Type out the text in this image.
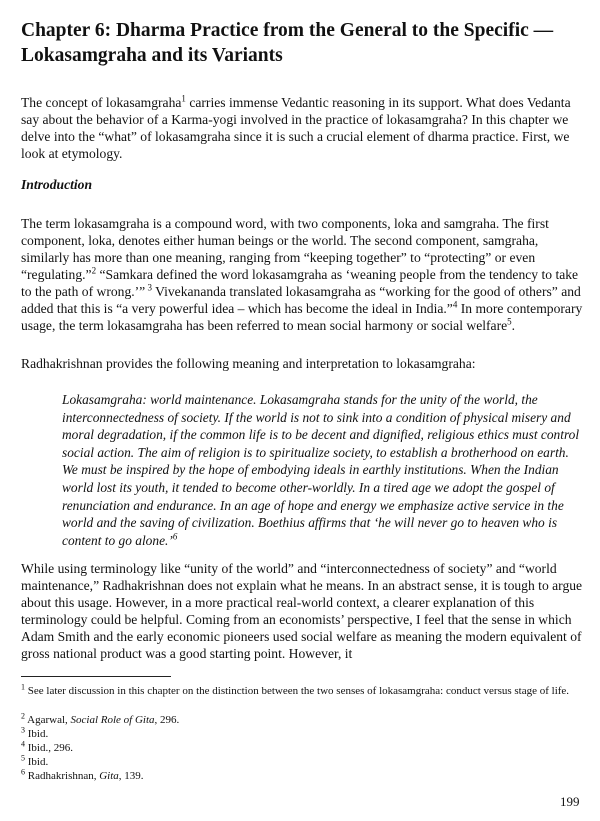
Chapter 6: Dharma Practice from the General to the Specific —
Lokasamgraha and its Variants

The concept of lokasamgraha$^1$ carries immense Vedantic reasoning in its support. What does Vedanta say about the behavior of a Karma-yogi involved in the practice of lokasamgraha? In this chapter we delve into the “what” of lokasamgraha since it is such a crucial element of dharma practice. First, we look at etymology.

Introduction

The term lokasamgraha is a compound word, with two components, loka and samgraha. The first component, loka, denotes either human beings or the world. The second component, samgraha, similarly has more than one meaning, ranging from “keeping together” to “protecting” or even “regulating.”$^2$ “Samkara defined the word lokasamgraha as ‘weaning people from the tendency to take to the path of wrong.’” $^3$ Vivekananda translated lokasamgraha as “working for the good of others” and added that this is “a very powerful idea – which has become the ideal in India.”$^4$ In more contemporary usage, the term lokasamgraha has been referred to mean social harmony or social welfare$^5$.

Radhakrishnan provides the following meaning and interpretation to lokasamgraha:

Lokasamgraha: world maintenance. Lokasamgraha stands for the unity of the world, the interconnectedness of society. If the world is not to sink into a condition of physical misery and moral degradation, if the common life is to be decent and dignified, religious ethics must control social action. The aim of religion is to spiritualize society, to establish a brotherhood on earth. We must be inspired by the hope of embodying ideals in earthly institutions. When the Indian world lost its youth, it tended to become other-worldly. In a tired age we adopt the gospel of renunciation and endurance. In an age of hope and energy we emphasize active service in the world and the saving of civilization. Boethius affirms that ‘he will never go to heaven who is content to go alone.’$^6$

While using terminology like “unity of the world” and “interconnectedness of society” and “world maintenance,” Radhakrishnan does not explain what he means. In an abstract sense, it is tough to argue about this usage. However, in a more practical real-world context, a clearer explanation of this terminology could be helpful. Coming from an economists’ perspective, I feel that the sense in which Adam Smith and the early economic pioneers used social welfare as meaning the modern equivalent of gross national product was a good starting point. However, it

$^1$ See later discussion in this chapter on the distinction between the two senses of lokasamgraha: conduct versus stage of life.

$^2$ Agarwal, Social Role of Gita, 296.

$^3$ Ibid.

$^4$ Ibid., 296.

$^5$ Ibid.

$^6$ Radhakrishnan, Gita, 139.

199
